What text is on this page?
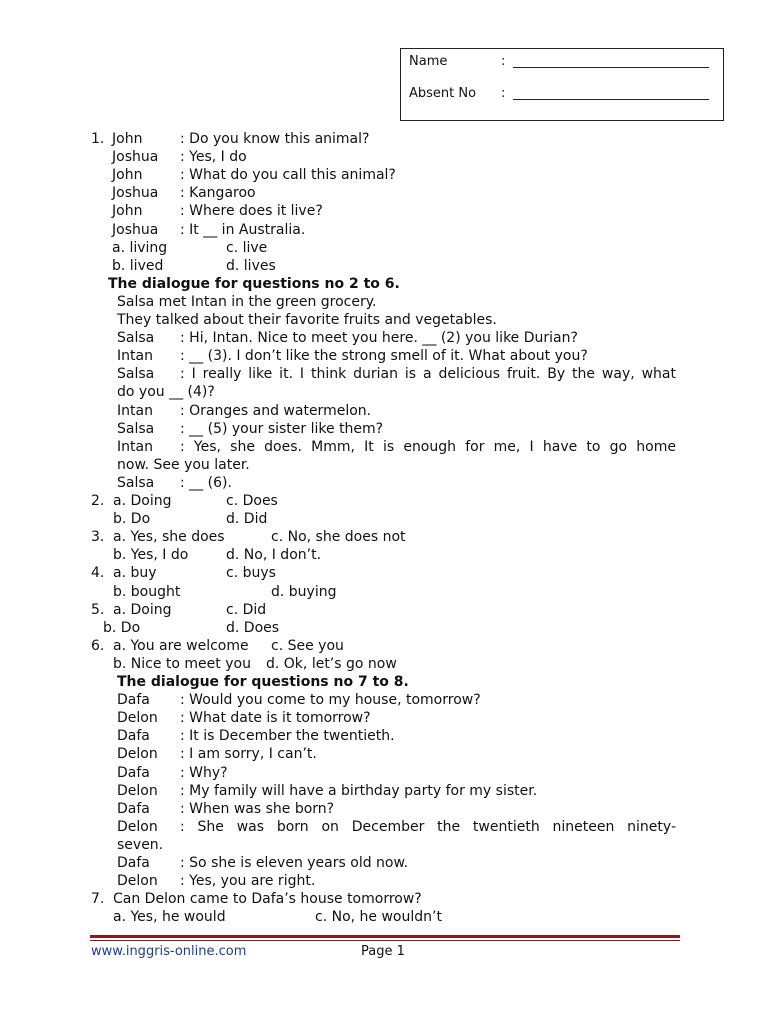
Name	:
Absent No :
1. John	: Do you know this animal?
Joshua : Yes, I do
John	: What do you call this animal?
Joshua : Kangaroo
John	: Where does it live?
Joshua : It __ in Australia.
a. living	c. live
b. lived	d. lives
The dialogue for questions no 2 to 6.
Salsa met Intan in the green grocery.
They talked about their favorite fruits and vegetables.
Salsa : Hi, Intan. Nice to meet you here. __ (2) you like Durian?
Intan : __ (3). I don’t like the strong smell of it. What about you?
Salsa : I really like it. I think durian is a delicious fruit. By the way, what
do you __ (4)?
Intan : Oranges and watermelon.
Salsa : __ (5) your sister like them?
Intan : Yes, she does. Mmm, It is enough for me, I have to go home
now. See you later.
Salsa : __ (6).
2. a. Doing	c. Does
b. Do	d. Did
3. a. Yes, she does	c. No, she does not
b. Yes, I do	d. No, I don’t.
4. a. buy	c. buys
b. bought	d. buying
5. a. Doing	c. Did
b. Do	d. Does
6. a. You are welcome c. See you
b. Nice to meet you d. Ok, let’s go now
The dialogue for questions no 7 to 8.
Dafa : Would you come to my house, tomorrow?
Delon : What date is it tomorrow?
Dafa : It is December the twentieth.
Delon : I am sorry, I can’t.
Dafa : Why?
Delon : My family will have a birthday party for my sister.
Dafa : When was she born?
Delon : She was born on December the twentieth nineteen ninety-
seven.
Dafa : So she is eleven years old now.
Delon : Yes, you are right.
7. Can Delon came to Dafa’s house tomorrow?
a. Yes, he would	c. No, he wouldn’t
www.inggris-online.com	Page 1
